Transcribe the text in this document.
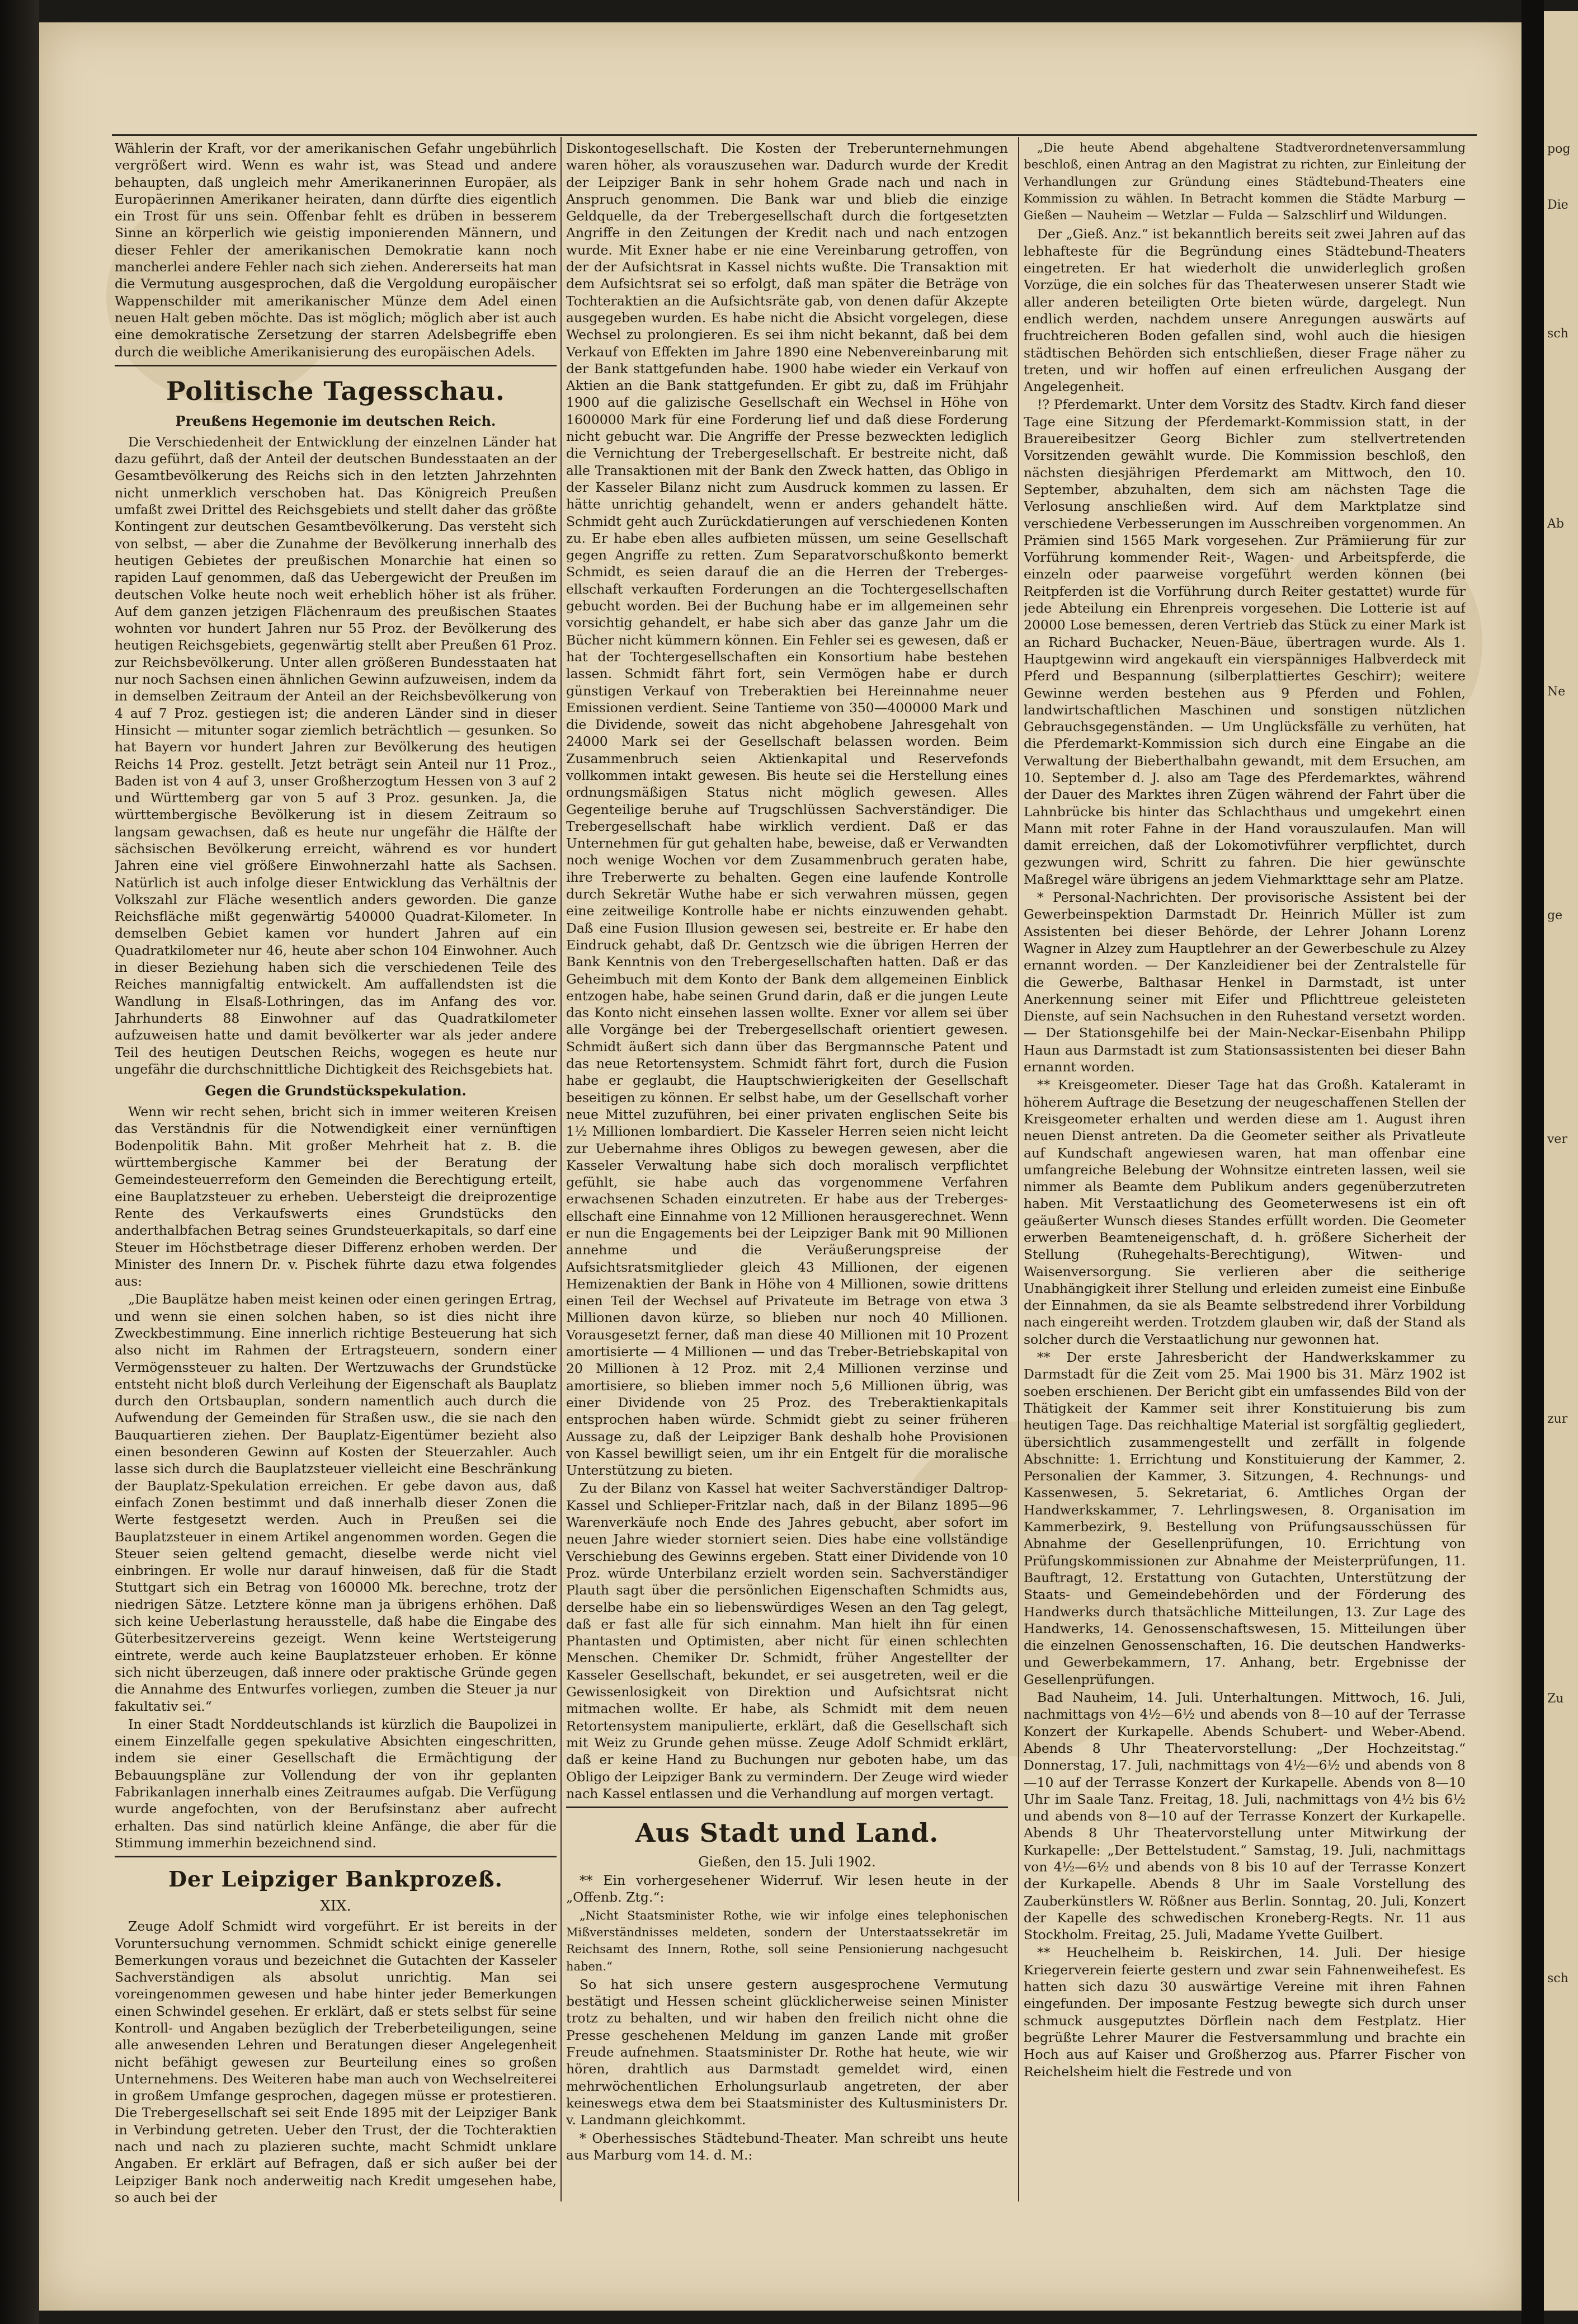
Wählerin der Kraft, vor der amerikanischen Gefahr ungebührlich vergrößert wird. Wenn es wahr ist, was Stead und andere behaupten, daß ungleich mehr Amerikanerinnen Europäer, als Europäerinnen Amerikaner heiraten, dann dürfte dies eigentlich ein Trost für uns sein. Offenbar fehlt es drüben in besserem Sinne an körperlich wie geistig imponierenden Männern, und dieser Fehler der amerikanischen Demokratie kann noch mancherlei andere Fehler nach sich ziehen. Andererseits hat man die Vermutung ausgesprochen, daß die Vergoldung europäischer Wappenschilder mit amerikanischer Münze dem Adel einen neuen Halt geben möchte. Das ist möglich; möglich aber ist auch eine demokratische Zersetzung der starren Adelsbegriffe eben durch die weibliche Amerikanisierung des europäischen Adels.

Politische Tagesschau.
Preußens Hegemonie im deutschen Reich.

Die Verschiedenheit der Entwicklung der einzelnen Länder hat dazu geführt, daß der Anteil der deutschen Bundesstaaten an der Gesamtbevölkerung des Reichs sich in den letzten Jahrzehnten nicht unmerklich verschoben hat. Das Königreich Preußen umfaßt zwei Drittel des Reichsgebiets und stellt daher das größte Kontingent zur deutschen Gesamtbevölkerung. Das versteht sich von selbst, — aber die Zunahme der Bevölkerung innerhalb des heutigen Gebietes der preußischen Monarchie hat einen so rapiden Lauf genommen, daß das Uebergewicht der Preußen im deutschen Volke heute noch weit erheblich höher ist als früher. Auf dem ganzen jetzigen Flächenraum des preußischen Staates wohnten vor hundert Jahren nur 55 Proz. der Bevölkerung des heutigen Reichsgebiets, gegenwärtig stellt aber Preußen 61 Proz. zur Reichsbevölkerung. Unter allen größeren Bundesstaaten hat nur noch Sachsen einen ähnlichen Gewinn aufzuweisen, indem da in demselben Zeitraum der Anteil an der Reichsbevölkerung von 4 auf 7 Proz. gestiegen ist; die anderen Länder sind in dieser Hinsicht — mitunter sogar ziemlich beträchtlich — gesunken. So hat Bayern vor hundert Jahren zur Bevölkerung des heutigen Reichs 14 Proz. gestellt. Jetzt beträgt sein Anteil nur 11 Proz., Baden ist von 4 auf 3, unser Großherzogtum Hessen von 3 auf 2 und Württemberg gar von 5 auf 3 Proz. gesunken. Ja, die württembergische Bevölkerung ist in diesem Zeitraum so langsam gewachsen, daß es heute nur ungefähr die Hälfte der sächsischen Bevölkerung erreicht, während es vor hundert Jahren eine viel größere Einwohnerzahl hatte als Sachsen. Natürlich ist auch infolge dieser Entwicklung das Verhältnis der Volkszahl zur Fläche wesentlich anders geworden. Die ganze Reichsfläche mißt gegenwärtig 540000 Quadrat-Kilometer. In demselben Gebiet kamen vor hundert Jahren auf ein Quadratkilometer nur 46, heute aber schon 104 Einwohner. Auch in dieser Beziehung haben sich die verschiedenen Teile des Reiches mannigfaltig entwickelt. Am auffallendsten ist die Wandlung in Elsaß-Lothringen, das im Anfang des vor. Jahrhunderts 88 Einwohner auf das Quadratkilometer aufzuweisen hatte und damit bevölkerter war als jeder andere Teil des heutigen Deutschen Reichs, wogegen es heute nur ungefähr die durchschnittliche Dichtigkeit des Reichsgebiets hat.

Gegen die Grundstückspekulation.

Wenn wir recht sehen, bricht sich in immer weiteren Kreisen das Verständnis für die Notwendigkeit einer vernünftigen Bodenpolitik Bahn. Mit großer Mehrheit hat z. B. die württembergische Kammer bei der Beratung der Gemeindesteuerreform den Gemeinden die Berechtigung erteilt, eine Bauplatzsteuer zu erheben. Uebersteigt die dreiprozentige Rente des Verkaufswerts eines Grundstücks den anderthalbfachen Betrag seines Grundsteuerkapitals, so darf eine Steuer im Höchstbetrage dieser Differenz erhoben werden. Der Minister des Innern Dr. v. Pischek führte dazu etwa folgendes aus:

„Die Bauplätze haben meist keinen oder einen geringen Ertrag, und wenn sie einen solchen haben, so ist dies nicht ihre Zweckbestimmung. Eine innerlich richtige Besteuerung hat sich also nicht im Rahmen der Ertragsteuern, sondern einer Vermögenssteuer zu halten. Der Wertzuwachs der Grundstücke entsteht nicht bloß durch Verleihung der Eigenschaft als Bauplatz durch den Ortsbauplan, sondern namentlich auch durch die Aufwendung der Gemeinden für Straßen usw., die sie nach den Bauquartieren ziehen. Der Bauplatz-Eigentümer bezieht also einen besonderen Gewinn auf Kosten der Steuerzahler. Auch lasse sich durch die Bauplatzsteuer vielleicht eine Beschränkung der Bauplatz-Spekulation erreichen. Er gebe davon aus, daß einfach Zonen bestimmt und daß innerhalb dieser Zonen die Werte festgesetzt werden. Auch in Preußen sei die Bauplatzsteuer in einem Artikel angenommen worden. Gegen die Steuer seien geltend gemacht, dieselbe werde nicht viel einbringen. Er wolle nur darauf hinweisen, daß für die Stadt Stuttgart sich ein Betrag von 160000 Mk. berechne, trotz der niedrigen Sätze. Letztere könne man ja übrigens erhöhen. Daß sich keine Ueberlastung herausstelle, daß habe die Eingabe des Güterbesitzervereins gezeigt. Wenn keine Wertsteigerung eintrete, werde auch keine Bauplatzsteuer erhoben. Er könne sich nicht überzeugen, daß innere oder praktische Gründe gegen die Annahme des Entwurfes vorliegen, zumben die Steuer ja nur fakultativ sei.“

In einer Stadt Norddeutschlands ist kürzlich die Baupolizei in einem Einzelfalle gegen spekulative Absichten eingeschritten, indem sie einer Gesellschaft die Ermächtigung der Bebauungspläne zur Vollendung der von ihr geplanten Fabrikanlagen innerhalb eines Zeitraumes aufgab. Die Verfügung wurde angefochten, von der Berufsinstanz aber aufrecht erhalten. Das sind natürlich kleine Anfänge, die aber für die Stimmung immerhin bezeichnend sind.

Der Leipziger Bankprozeß.
XIX.

Zeuge Adolf Schmidt wird vorgeführt. Er ist bereits in der Voruntersuchung vernommen. Schmidt schickt einige generelle Bemerkungen voraus und bezeichnet die Gutachten der Kasseler Sachverständigen als absolut unrichtig. Man sei voreingenommen gewesen und habe hinter jeder Bemerkungen einen Schwindel gesehen. Er erklärt, daß er stets selbst für seine Kontroll- und Angaben bezüglich der Treberbeteiligungen, seine alle anwesenden Lehren und Beratungen dieser Angelegenheit nicht befähigt gewesen zur Beurteilung eines so großen Unternehmens. Des Weiteren habe man auch von Wechselreiterei in großem Umfange gesprochen, dagegen müsse er protestieren. Die Trebergesellschaft sei seit Ende 1895 mit der Leipziger Bank in Verbindung getreten. Ueber den Trust, der die Tochteraktien nach und nach zu plazieren suchte, macht Schmidt unklare Angaben. Er erklärt auf Befragen, daß er sich außer bei der Leipziger Bank noch anderweitig nach Kredit umgesehen habe, so auch bei der

Diskontogesellschaft. Die Kosten der Treberunternehmungen waren höher, als vorauszusehen war. Dadurch wurde der Kredit der Leipziger Bank in sehr hohem Grade nach und nach in Anspruch genommen. Die Bank war und blieb die einzige Geldquelle, da der Trebergesellschaft durch die fortgesetzten Angriffe in den Zeitungen der Kredit nach und nach entzogen wurde. Mit Exner habe er nie eine Vereinbarung getroffen, von der der Aufsichtsrat in Kassel nichts wußte. Die Transaktion mit dem Aufsichtsrat sei so erfolgt, daß man später die Beträge von Tochteraktien an die Aufsichtsräte gab, von denen dafür Akzepte ausgegeben wurden. Es habe nicht die Absicht vorgelegen, diese Wechsel zu prolongieren. Es sei ihm nicht bekannt, daß bei dem Verkauf von Effekten im Jahre 1890 eine Nebenvereinbarung mit der Bank stattgefunden habe. 1900 habe wieder ein Verkauf von Aktien an die Bank stattgefunden. Er gibt zu, daß im Frühjahr 1900 auf die galizische Gesellschaft ein Wechsel in Höhe von 1600000 Mark für eine Forderung lief und daß diese Forderung nicht gebucht war. Die Angriffe der Presse bezweckten lediglich die Vernichtung der Trebergesellschaft. Er bestreite nicht, daß alle Transaktionen mit der Bank den Zweck hatten, das Obligo in der Kasseler Bilanz nicht zum Ausdruck kommen zu lassen. Er hätte unrichtig gehandelt, wenn er anders gehandelt hätte. Schmidt geht auch Zurückdatierungen auf verschiedenen Konten zu. Er habe eben alles aufbieten müssen, um seine Gesellschaft gegen Angriffe zu retten. Zum Separatvorschußkonto bemerkt Schmidt, es seien darauf die an die Herren der Trebergesellschaft verkauften Forderungen an die Tochtergesellschaften gebucht worden. Bei der Buchung habe er im allgemeinen sehr vorsichtig gehandelt, er habe sich aber das ganze Jahr um die Bücher nicht kümmern können. Ein Fehler sei es gewesen, daß er hat der Tochtergesellschaften ein Konsortium habe bestehen lassen. Schmidt fährt fort, sein Vermögen habe er durch günstigen Verkauf von Treberaktien bei Hereinnahme neuer Emissionen verdient. Seine Tantieme von 350—400000 Mark und die Dividende, soweit das nicht abgehobene Jahresgehalt von 24000 Mark sei der Gesellschaft belassen worden. Beim Zusammenbruch seien Aktienkapital und Reservefonds vollkommen intakt gewesen. Bis heute sei die Herstellung eines ordnungsmäßigen Status nicht möglich gewesen. Alles Gegenteilige beruhe auf Trugschlüssen Sachverständiger. Die Trebergesellschaft habe wirklich verdient. Daß er das Unternehmen für gut gehalten habe, beweise, daß er Verwandten noch wenige Wochen vor dem Zusammenbruch geraten habe, ihre Treberwerte zu behalten. Gegen eine laufende Kontrolle durch Sekretär Wuthe habe er sich verwahren müssen, gegen eine zeitweilige Kontrolle habe er nichts einzuwenden gehabt. Daß eine Fusion Illusion gewesen sei, bestreite er. Er habe den Eindruck gehabt, daß Dr. Gentzsch wie die übrigen Herren der Bank Kenntnis von den Trebergesellschaften hatten. Daß er das Geheimbuch mit dem Konto der Bank dem allgemeinen Einblick entzogen habe, habe seinen Grund darin, daß er die jungen Leute das Konto nicht einsehen lassen wollte. Exner vor allem sei über alle Vorgänge bei der Trebergesellschaft orientiert gewesen. Schmidt äußert sich dann über das Bergmannsche Patent und das neue Retortensystem. Schmidt fährt fort, durch die Fusion habe er geglaubt, die Hauptschwierigkeiten der Gesellschaft beseitigen zu können. Er selbst habe, um der Gesellschaft vorher neue Mittel zuzuführen, bei einer privaten englischen Seite bis 1½ Millionen lombardiert. Die Kasseler Herren seien nicht leicht zur Uebernahme ihres Obligos zu bewegen gewesen, aber die Kasseler Verwaltung habe sich doch moralisch verpflichtet gefühlt, sie habe auch das vorgenommene Verfahren erwachsenen Schaden einzutreten. Er habe aus der Trebergesellschaft eine Einnahme von 12 Millionen herausgerechnet. Wenn er nun die Engagements bei der Leipziger Bank mit 90 Millionen annehme und die Veräußerungspreise der Aufsichtsratsmitglieder gleich 43 Millionen, der eigenen Hemizenaktien der Bank in Höhe von 4 Millionen, sowie drittens einen Teil der Wechsel auf Privateute im Betrage von etwa 3 Millionen davon kürze, so blieben nur noch 40 Millionen. Vorausgesetzt ferner, daß man diese 40 Millionen mit 10 Prozent amortisierte — 4 Millionen — und das Treber-Betriebskapital von 20 Millionen à 12 Proz. mit 2,4 Millionen verzinse und amortisiere, so blieben immer noch 5,6 Millionen übrig, was einer Dividende von 25 Proz. des Treberaktienkapitals entsprochen haben würde. Schmidt giebt zu seiner früheren Aussage zu, daß der Leipziger Bank deshalb hohe Provisionen von Kassel bewilligt seien, um ihr ein Entgelt für die moralische Unterstützung zu bieten.

Zu der Bilanz von Kassel hat weiter Sachverständiger Daltrop-Kassel und Schlieper-Fritzlar nach, daß in der Bilanz 1895—96 Warenverkäufe noch Ende des Jahres gebucht, aber sofort im neuen Jahre wieder storniert seien. Dies habe eine vollständige Verschiebung des Gewinns ergeben. Statt einer Dividende von 10 Proz. würde Unterbilanz erzielt worden sein. Sachverständiger Plauth sagt über die persönlichen Eigenschaften Schmidts aus, derselbe habe ein so liebenswürdiges Wesen an den Tag gelegt, daß er fast alle für sich einnahm. Man hielt ihn für einen Phantasten und Optimisten, aber nicht für einen schlechten Menschen. Chemiker Dr. Schmidt, früher Angestellter der Kasseler Gesellschaft, bekundet, er sei ausgetreten, weil er die Gewissenlosigkeit von Direktion und Aufsichtsrat nicht mitmachen wollte. Er habe, als Schmidt mit dem neuen Retortensystem manipulierte, erklärt, daß die Gesellschaft sich mit Weiz zu Grunde gehen müsse. Zeuge Adolf Schmidt erklärt, daß er keine Hand zu Buchungen nur geboten habe, um das Obligo der Leipziger Bank zu vermindern. Der Zeuge wird wieder nach Kassel entlassen und die Verhandlung auf morgen vertagt.

Aus Stadt und Land.
Gießen, den 15. Juli 1902.

** Ein vorhergesehener Widerruf. Wir lesen heute in der „Offenb. Ztg.“:

„Nicht Staatsminister Rothe, wie wir infolge eines telephonischen Mißverständnisses meldeten, sondern der Unterstaatssekretär im Reichsamt des Innern, Rothe, soll seine Pensionierung nachgesucht haben.“

So hat sich unsere gestern ausgesprochene Vermutung bestätigt und Hessen scheint glücklicherweise seinen Minister trotz zu behalten, und wir haben den freilich nicht ohne die Presse geschehenen Meldung im ganzen Lande mit großer Freude aufnehmen. Staatsminister Dr. Rothe hat heute, wie wir hören, drahtlich aus Darmstadt gemeldet wird, einen mehrwöchentlichen Erholungsurlaub angetreten, der aber keineswegs etwa dem bei Staatsminister des Kultusministers Dr. v. Landmann gleichkommt.

* Oberhessisches Städtebund-Theater. Man schreibt uns heute aus Marburg vom 14. d. M.:

„Die heute Abend abgehaltene Stadtverordnetenversammlung beschloß, einen Antrag an den Magistrat zu richten, zur Einleitung der Verhandlungen zur Gründung eines Städtebund-Theaters eine Kommission zu wählen. In Betracht kommen die Städte Marburg — Gießen — Nauheim — Wetzlar — Fulda — Salzschlirf und Wildungen.

Der „Gieß. Anz.“ ist bekanntlich bereits seit zwei Jahren auf das lebhafteste für die Begründung eines Städtebund-Theaters eingetreten. Er hat wiederholt die unwiderleglich großen Vorzüge, die ein solches für das Theaterwesen unserer Stadt wie aller anderen beteiligten Orte bieten würde, dargelegt. Nun endlich werden, nachdem unsere Anregungen auswärts auf fruchtreicheren Boden gefallen sind, wohl auch die hiesigen städtischen Behörden sich entschließen, dieser Frage näher zu treten, und wir hoffen auf einen erfreulichen Ausgang der Angelegenheit.

!? Pferdemarkt. Unter dem Vorsitz des Stadtv. Kirch fand dieser Tage eine Sitzung der Pferdemarkt-Kommission statt, in der Brauereibesitzer Georg Bichler zum stellvertretenden Vorsitzenden gewählt wurde. Die Kommission beschloß, den nächsten diesjährigen Pferdemarkt am Mittwoch, den 10. September, abzuhalten, dem sich am nächsten Tage die Verlosung anschließen wird. Auf dem Marktplatze sind verschiedene Verbesserungen im Ausschreiben vorgenommen. An Prämien sind 1565 Mark vorgesehen. Zur Prämiierung für zur Vorführung kommender Reit-, Wagen- und Arbeitspferde, die einzeln oder paarweise vorgeführt werden können (bei Reitpferden ist die Vorführung durch Reiter gestattet) wurde für jede Abteilung ein Ehrenpreis vorgesehen. Die Lotterie ist auf 20000 Lose bemessen, deren Vertrieb das Stück zu einer Mark ist an Richard Buchacker, Neuen-Bäue, übertragen wurde. Als 1. Hauptgewinn wird angekauft ein vierspänniges Halbverdeck mit Pferd und Bespannung (silberplattiertes Geschirr); weitere Gewinne werden bestehen aus 9 Pferden und Fohlen, landwirtschaftlichen Maschinen und sonstigen nützlichen Gebrauchsgegenständen. — Um Unglücksfälle zu verhüten, hat die Pferdemarkt-Kommission sich durch eine Eingabe an die Verwaltung der Bieberthalbahn gewandt, mit dem Ersuchen, am 10. September d. J. also am Tage des Pferdemarktes, während der Dauer des Marktes ihren Zügen während der Fahrt über die Lahnbrücke bis hinter das Schlachthaus und umgekehrt einen Mann mit roter Fahne in der Hand vorauszulaufen. Man will damit erreichen, daß der Lokomotivführer verpflichtet, durch gezwungen wird, Schritt zu fahren. Die hier gewünschte Maßregel wäre übrigens an jedem Viehmarkttage sehr am Platze.

* Personal-Nachrichten. Der provisorische Assistent bei der Gewerbeinspektion Darmstadt Dr. Heinrich Müller ist zum Assistenten bei dieser Behörde, der Lehrer Johann Lorenz Wagner in Alzey zum Hauptlehrer an der Gewerbeschule zu Alzey ernannt worden. — Der Kanzleidiener bei der Zentralstelle für die Gewerbe, Balthasar Henkel in Darmstadt, ist unter Anerkennung seiner mit Eifer und Pflichttreue geleisteten Dienste, auf sein Nachsuchen in den Ruhestand versetzt worden. — Der Stationsgehilfe bei der Main-Neckar-Eisenbahn Philipp Haun aus Darmstadt ist zum Stationsassistenten bei dieser Bahn ernannt worden.

** Kreisgeometer. Dieser Tage hat das Großh. Kataleramt in höherem Auftrage die Besetzung der neugeschaffenen Stellen der Kreisgeometer erhalten und werden diese am 1. August ihren neuen Dienst antreten. Da die Geometer seither als Privatleute auf Kundschaft angewiesen waren, hat man offenbar eine umfangreiche Belebung der Wohnsitze eintreten lassen, weil sie nimmer als Beamte dem Publikum anders gegenüberzutreten haben. Mit Verstaatlichung des Geometerwesens ist ein oft geäußerter Wunsch dieses Standes erfüllt worden. Die Geometer erwerben Beamteneigenschaft, d. h. größere Sicherheit der Stellung (Ruhegehalts-Berechtigung), Witwen- und Waisenversorgung. Sie verlieren aber die seitherige Unabhängigkeit ihrer Stellung und erleiden zumeist eine Einbuße der Einnahmen, da sie als Beamte selbstredend ihrer Vorbildung nach eingereiht werden. Trotzdem glauben wir, daß der Stand als solcher durch die Verstaatlichung nur gewonnen hat.

** Der erste Jahresbericht der Handwerkskammer zu Darmstadt für die Zeit vom 25. Mai 1900 bis 31. März 1902 ist soeben erschienen. Der Bericht gibt ein umfassendes Bild von der Thätigkeit der Kammer seit ihrer Konstituierung bis zum heutigen Tage. Das reichhaltige Material ist sorgfältig gegliedert, übersichtlich zusammengestellt und zerfällt in folgende Abschnitte: 1. Errichtung und Konstituierung der Kammer, 2. Personalien der Kammer, 3. Sitzungen, 4. Rechnungs- und Kassenwesen, 5. Sekretariat, 6. Amtliches Organ der Handwerkskammer, 7. Lehrlingswesen, 8. Organisation im Kammerbezirk, 9. Bestellung von Prüfungsausschüssen für Abnahme der Gesellenprüfungen, 10. Errichtung von Prüfungskommissionen zur Abnahme der Meisterprüfungen, 11. Bauftragt, 12. Erstattung von Gutachten, Unterstützung der Staats- und Gemeindebehörden und der Förderung des Handwerks durch thatsächliche Mitteilungen, 13. Zur Lage des Handwerks, 14. Genossenschaftswesen, 15. Mitteilungen über die einzelnen Genossenschaften, 16. Die deutschen Handwerks- und Gewerbekammern, 17. Anhang, betr. Ergebnisse der Gesellenprüfungen.

Bad Nauheim, 14. Juli. Unterhaltungen. Mittwoch, 16. Juli, nachmittags von 4½—6½ und abends von 8—10 auf der Terrasse Konzert der Kurkapelle. Abends Schubert- und Weber-Abend. Abends 8 Uhr Theatervorstellung: „Der Hochzeitstag.“ Donnerstag, 17. Juli, nachmittags von 4½—6½ und abends von 8—10 auf der Terrasse Konzert der Kurkapelle. Abends von 8—10 Uhr im Saale Tanz. Freitag, 18. Juli, nachmittags von 4½ bis 6½ und abends von 8—10 auf der Terrasse Konzert der Kurkapelle. Abends 8 Uhr Theatervorstellung unter Mitwirkung der Kurkapelle: „Der Bettelstudent.“ Samstag, 19. Juli, nachmittags von 4½—6½ und abends von 8 bis 10 auf der Terrasse Konzert der Kurkapelle. Abends 8 Uhr im Saale Vorstellung des Zauberkünstlers W. Rößner aus Berlin. Sonntag, 20. Juli, Konzert der Kapelle des schwedischen Kroneberg-Regts. Nr. 11 aus Stockholm. Freitag, 25. Juli, Madame Yvette Guilbert.

** Heuchelheim b. Reiskirchen, 14. Juli. Der hiesige Kriegerverein feierte gestern und zwar sein Fahnenweihefest. Es hatten sich dazu 30 auswärtige Vereine mit ihren Fahnen eingefunden. Der imposante Festzug bewegte sich durch unser schmuck ausgeputztes Dörflein nach dem Festplatz. Hier begrüßte Lehrer Maurer die Festversammlung und brachte ein Hoch aus auf Kaiser und Großherzog aus. Pfarrer Fischer von Reichelsheim hielt die Festrede und von

pog
Die
sch
Ab
Ne
ge
ver
zur
Zu
sch
